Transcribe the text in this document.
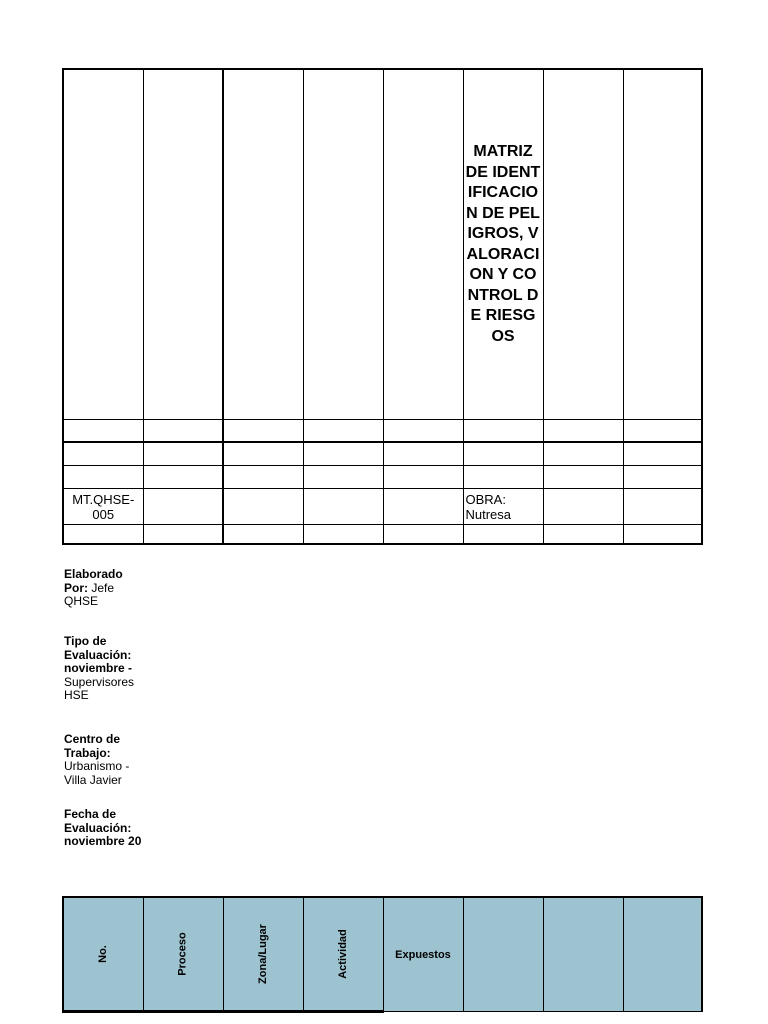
					MATRIZ DE IDENTIFICACION DE PELIGROS, VALORACION Y CONTROL DE RIESGOS		

MT.QHSE-005					OBRA: Nutresa		

Elaborado Por: Jefe QHSE
Tipo de Evaluación: noviembre - Supervisores HSE
Centro de Trabajo: Urbanismo - Villa Javier
Fecha de Evaluación: noviembre 20
No.	Proceso	Zona/Lugar	Actividad	Expuestos			
